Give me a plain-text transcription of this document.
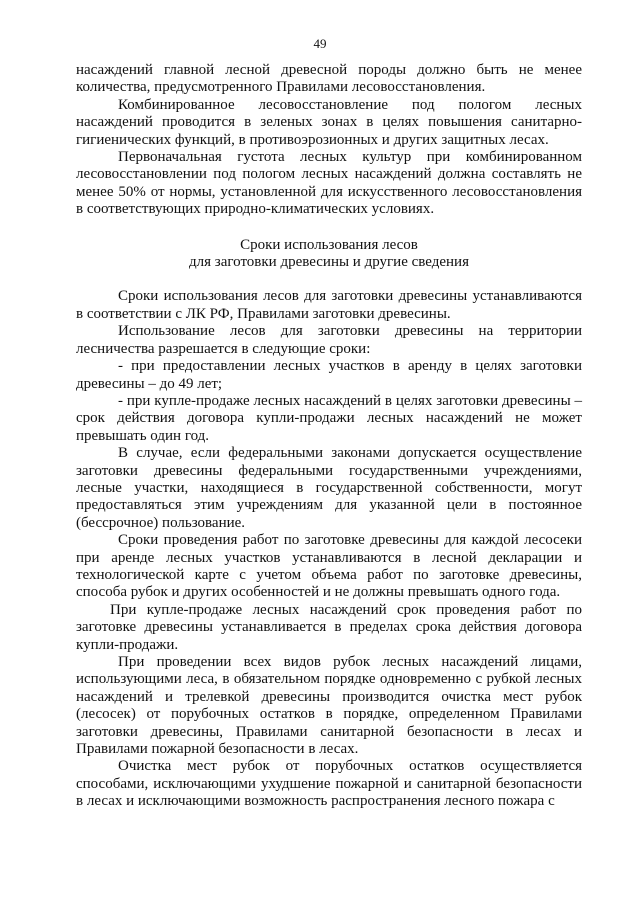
49

насаждений главной лесной древесной породы должно быть не менее количества, предусмотренного Правилами лесовосстановления.

Комбинированное лесовосстановление под пологом лесных насаждений проводится в зеленых зонах в целях повышения санитарно-гигиенических функций, в противоэрозионных и других защитных лесах.

Первоначальная густота лесных культур при комбинированном лесовосстановлении под пологом лесных насаждений должна составлять не менее 50% от нормы, установленной для искусственного лесовосстановления в соответствующих природно-климатических условиях.

Сроки использования лесов
для заготовки древесины и другие сведения

Сроки использования лесов для заготовки древесины устанавливаются в соответствии с ЛК РФ, Правилами заготовки древесины.

Использование лесов для заготовки древесины на территории лесничества разрешается в следующие сроки:

- при предоставлении лесных участков в аренду в целях заготовки древесины – до 49 лет;

- при купле-продаже лесных насаждений в целях заготовки древесины – срок действия договора купли-продажи лесных насаждений не может превышать один год.

В случае, если федеральными законами допускается осуществление заготовки древесины федеральными государственными учреждениями, лесные участки, находящиеся в государственной собственности, могут предоставляться этим учреждениям для указанной цели в постоянное (бессрочное) пользование.

Сроки проведения работ по заготовке древесины для каждой лесосеки при аренде лесных участков устанавливаются в лесной декларации и технологической карте с учетом объема работ по заготовке древесины, способа рубок и других особенностей и не должны превышать одного года.

При купле-продаже лесных насаждений срок проведения работ по заготовке древесины устанавливается в пределах срока действия договора купли-продажи.

При проведении всех видов рубок лесных насаждений лицами, использующими леса, в обязательном порядке одновременно с рубкой лесных насаждений и трелевкой древесины производится очистка мест рубок (лесосек) от порубочных остатков в порядке, определенном Правилами заготовки древесины, Правилами санитарной безопасности в лесах и Правилами пожарной безопасности в лесах.

Очистка мест рубок от порубочных остатков осуществляется способами, исключающими ухудшение пожарной и санитарной безопасности в лесах и исключающими возможность распространения лесного пожара с
